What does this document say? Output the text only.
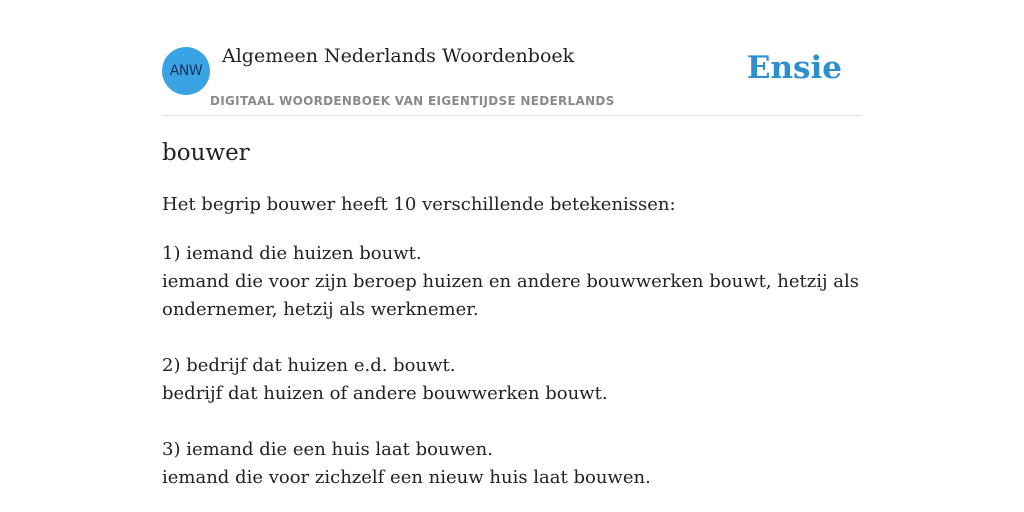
ANW
Algemeen Nederlands Woordenboek
DIGITAAL WOORDENBOEK VAN EIGENTIJDSE NEDERLANDS
Ensie
bouwer

Het begrip bouwer heeft 10 verschillende betekenissen:

1) iemand die huizen bouwt.
iemand die voor zijn beroep huizen en andere bouwwerken bouwt, hetzij als ondernemer, hetzij als werknemer.
2) bedrijf dat huizen e.d. bouwt.
bedrijf dat huizen of andere bouwwerken bouwt.
3) iemand die een huis laat bouwen.
iemand die voor zichzelf een nieuw huis laat bouwen.
